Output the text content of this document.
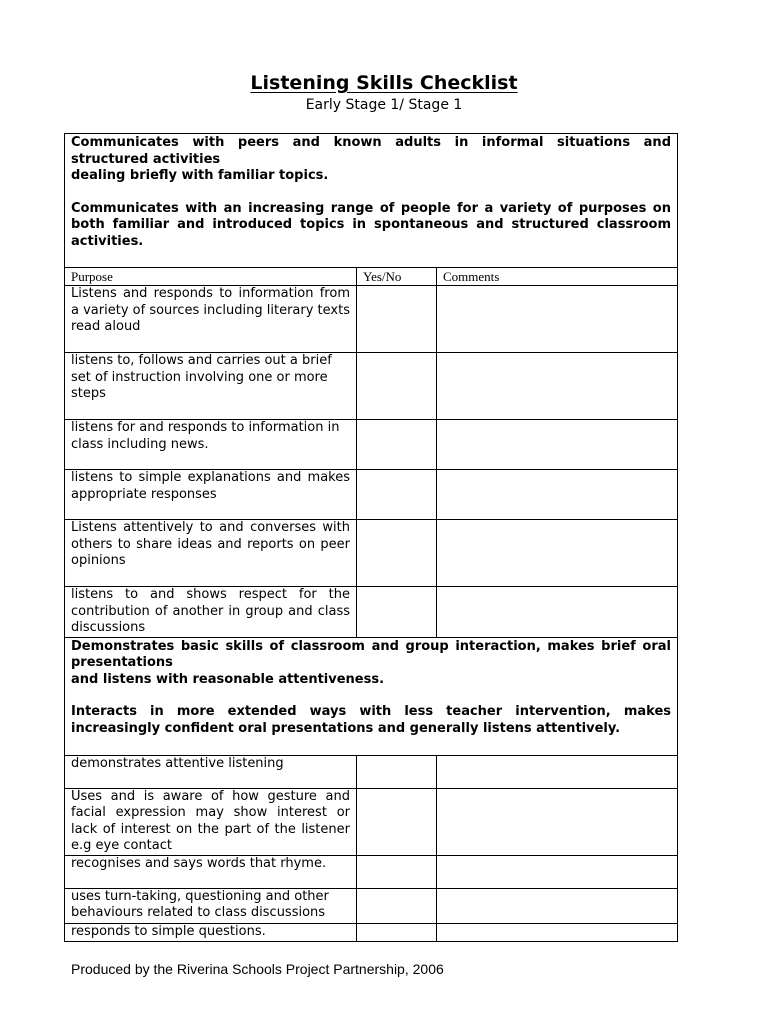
Listening Skills Checklist
Early Stage 1/ Stage 1

Communicates with peers and known adults in informal situations and structured activities

dealing briefly with familiar topics.

Communicates with an increasing range of people for a variety of purposes on both familiar and introduced topics in spontaneous and structured classroom activities.		

Purpose	Yes/No	Comments
Listens and responds to information from a variety of sources including literary texts read aloud		
listens to, follows and carries out a brief set of instruction involving one or more steps		
listens for and responds to information in class including news.		
listens to simple explanations and makes appropriate responses		
Listens attentively to and converses with others to share ideas and reports on peer opinions		
listens to and shows respect for the contribution of another in group and class discussions		

Demonstrates basic skills of classroom and group interaction, makes brief oral presentations

and listens with reasonable attentiveness.

Interacts in more extended ways with less teacher intervention, makes increasingly confident oral presentations and generally listens attentively.		

demonstrates attentive listening		
Uses and is aware of how gesture and facial expression may show interest or lack of interest on the part of the listener e.g eye contact		
recognises and says words that rhyme.		
uses turn-taking, questioning and other behaviours related to class discussions		
responds to simple questions.		
Produced by the Riverina Schools Project Partnership, 2006
